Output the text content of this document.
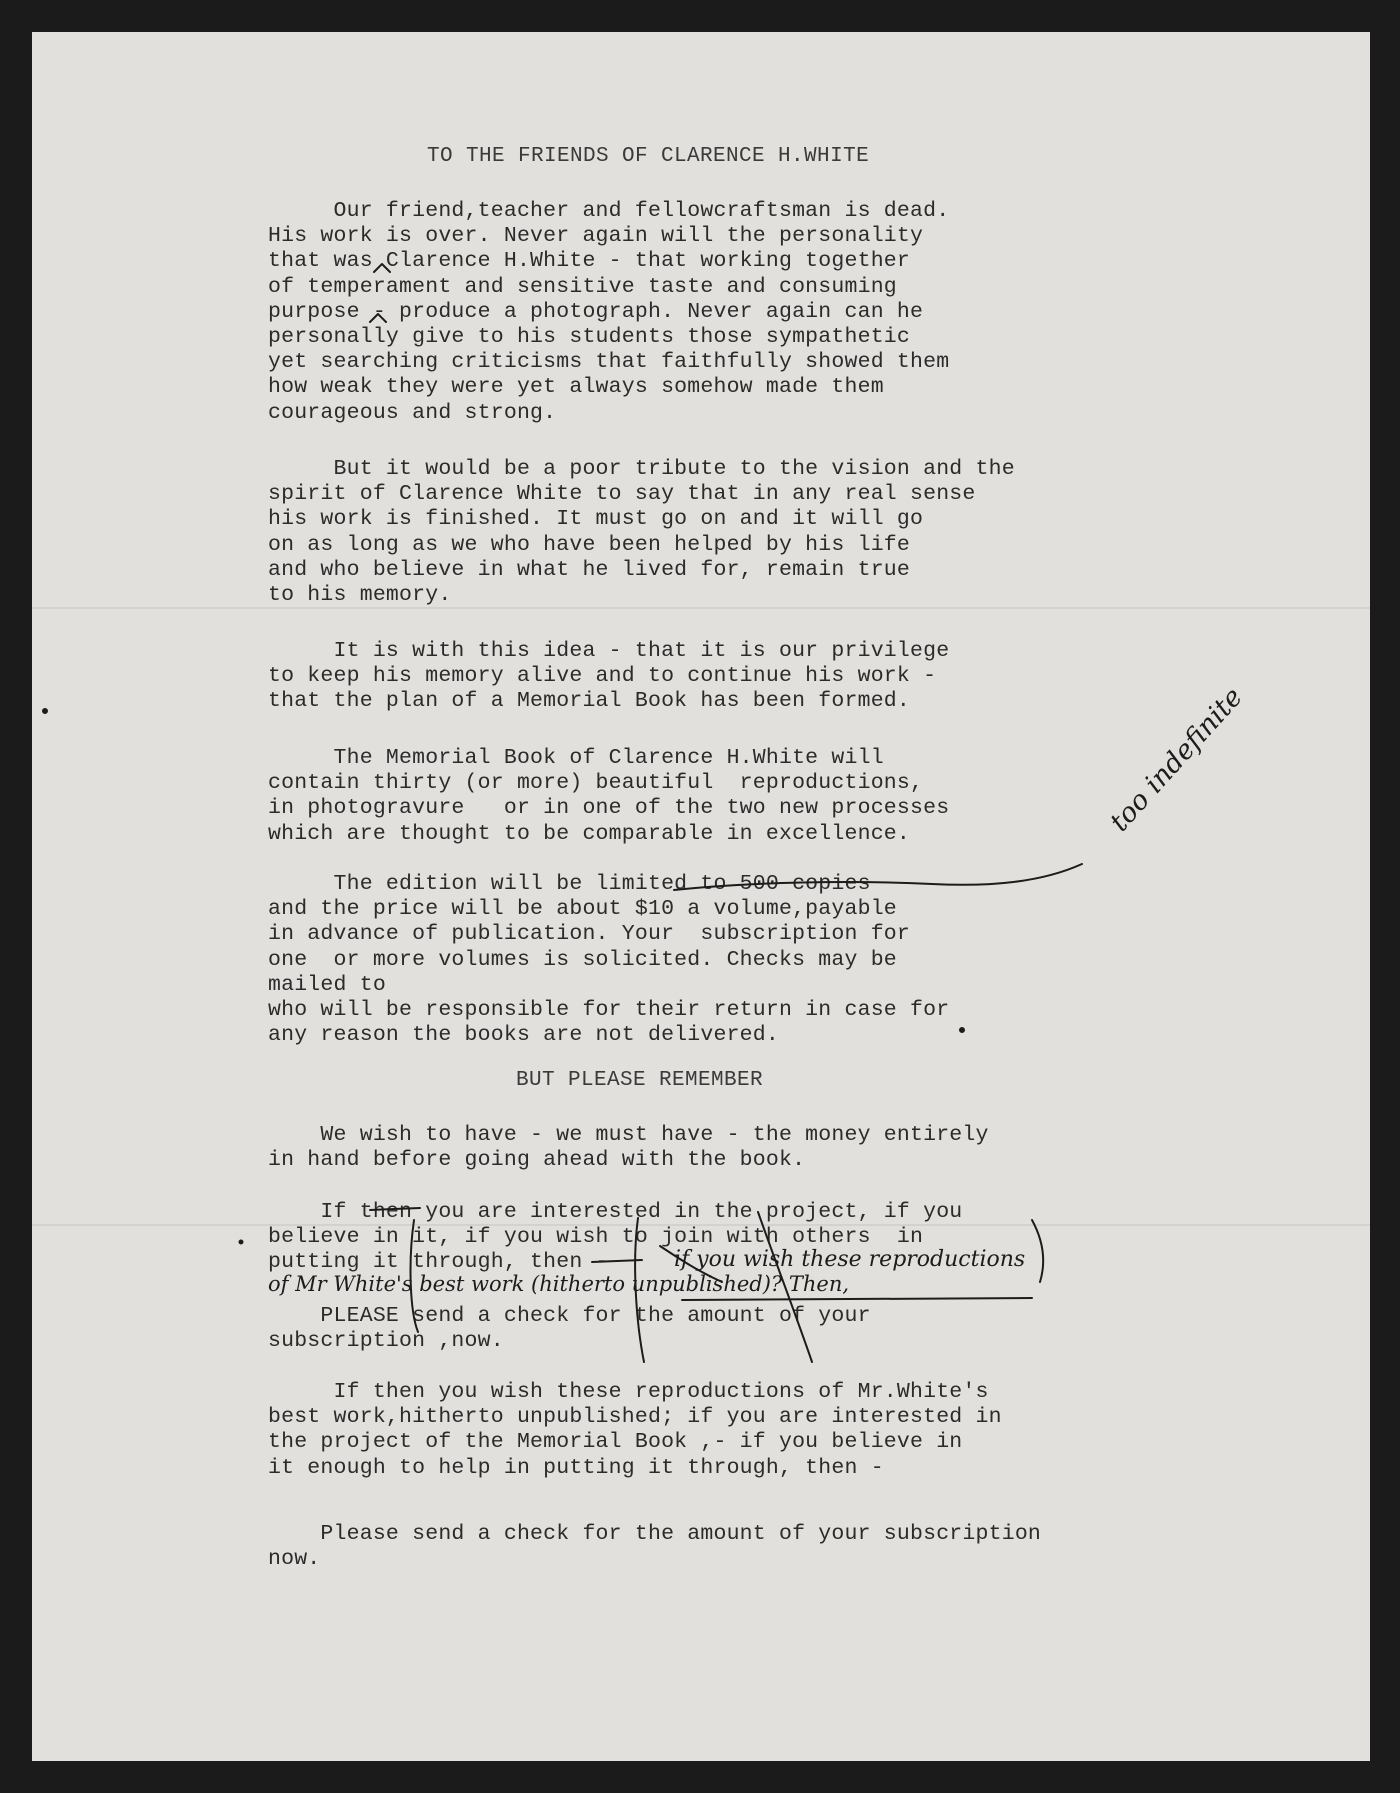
TO THE FRIENDS OF CLARENCE H.WHITE

Our friend,teacher and fellowcraftsman is dead.
His work is over. Never again will the personality
that was Clarence H.White - that working together
of temperament and sensitive taste and consuming
purpose - produce a photograph. Never again can he
personally give to his students those sympathetic
yet searching criticisms that faithfully showed them
how weak they were yet always somehow made them
courageous and strong.

But it would be a poor tribute to the vision and the
spirit of Clarence White to say that in any real sense
his work is finished. It must go on and it will go
on as long as we who have been helped by his life
and who believe in what he lived for, remain true
to his memory.

It is with this idea - that it is our privilege
to keep his memory alive and to continue his work -
that the plan of a Memorial Book has been formed.

The Memorial Book of Clarence H.White will
contain thirty (or more) beautiful  reproductions,
in photogravure   or in one of the two new processes
which are thought to be comparable in excellence.

The edition will be limited to 500 copies
and the price will be about $10 a volume,payable
in advance of publication. Your  subscription for
one  or more volumes is solicited. Checks may be
mailed to
who will be responsible for their return in case for
any reason the books are not delivered.

BUT PLEASE REMEMBER

We wish to have - we must have - the money entirely
in hand before going ahead with the book.

If then you are interested in the project, if you
believe in it, if you wish to join with others  in
putting it through, then -

PLEASE send a check for the amount of your
subscription ,now.

If then you wish these reproductions of Mr.White's
best work,hitherto unpublished; if you are interested in
the project of the Memorial Book ,- if you believe in
it enough to help in putting it through, then -

Please send a check for the amount of your subscription
now.

too indefinite

if you wish these reproductions

of Mr White's best work (hitherto unpublished)? Then,
